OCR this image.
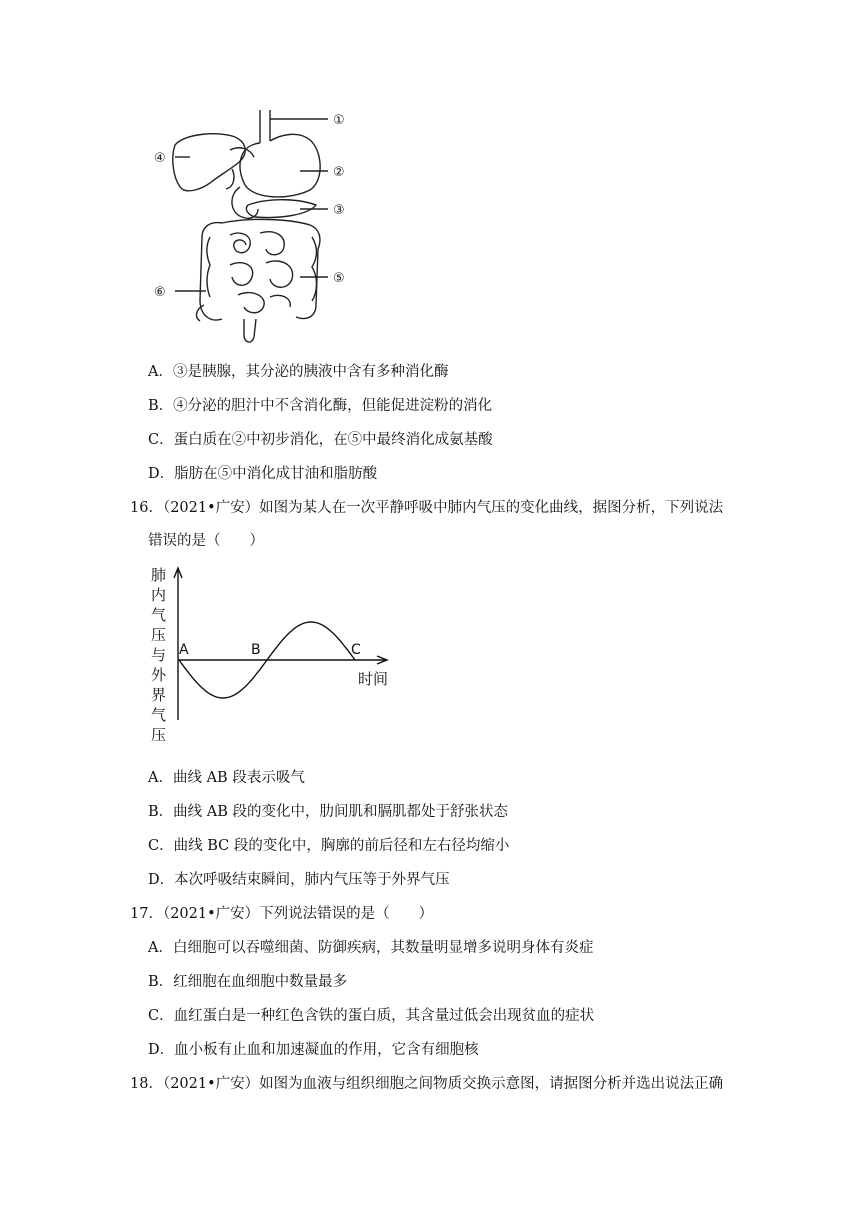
①
②
③
④
⑤
⑥
A．③是胰腺，其分泌的胰液中含有多种消化酶
B．④分泌的胆汁中不含消化酶，但能促进淀粉的消化
C．蛋白质在②中初步消化，在⑤中最终消化成氨基酸
D．脂肪在⑤中消化成甘油和脂肪酸
16．（2021•广安）如图为某人在一次平静呼吸中肺内气压的变化曲线，据图分析，下列说法
错误的是（　　）
肺
内
气
压
与
外
界
气
压
A	B	C
时间
A．曲线 AB 段表示吸气
B．曲线 AB 段的变化中，肋间肌和膈肌都处于舒张状态
C．曲线 BC 段的变化中，胸廓的前后径和左右径均缩小
D．本次呼吸结束瞬间，肺内气压等于外界气压
17．（2021•广安）下列说法错误的是（　　）
A．白细胞可以吞噬细菌、防御疾病，其数量明显增多说明身体有炎症
B．红细胞在血细胞中数量最多
C．血红蛋白是一种红色含铁的蛋白质，其含量过低会出现贫血的症状
D．血小板有止血和加速凝血的作用，它含有细胞核
18．（2021•广安）如图为血液与组织细胞之间物质交换示意图，请据图分析并选出说法正确
